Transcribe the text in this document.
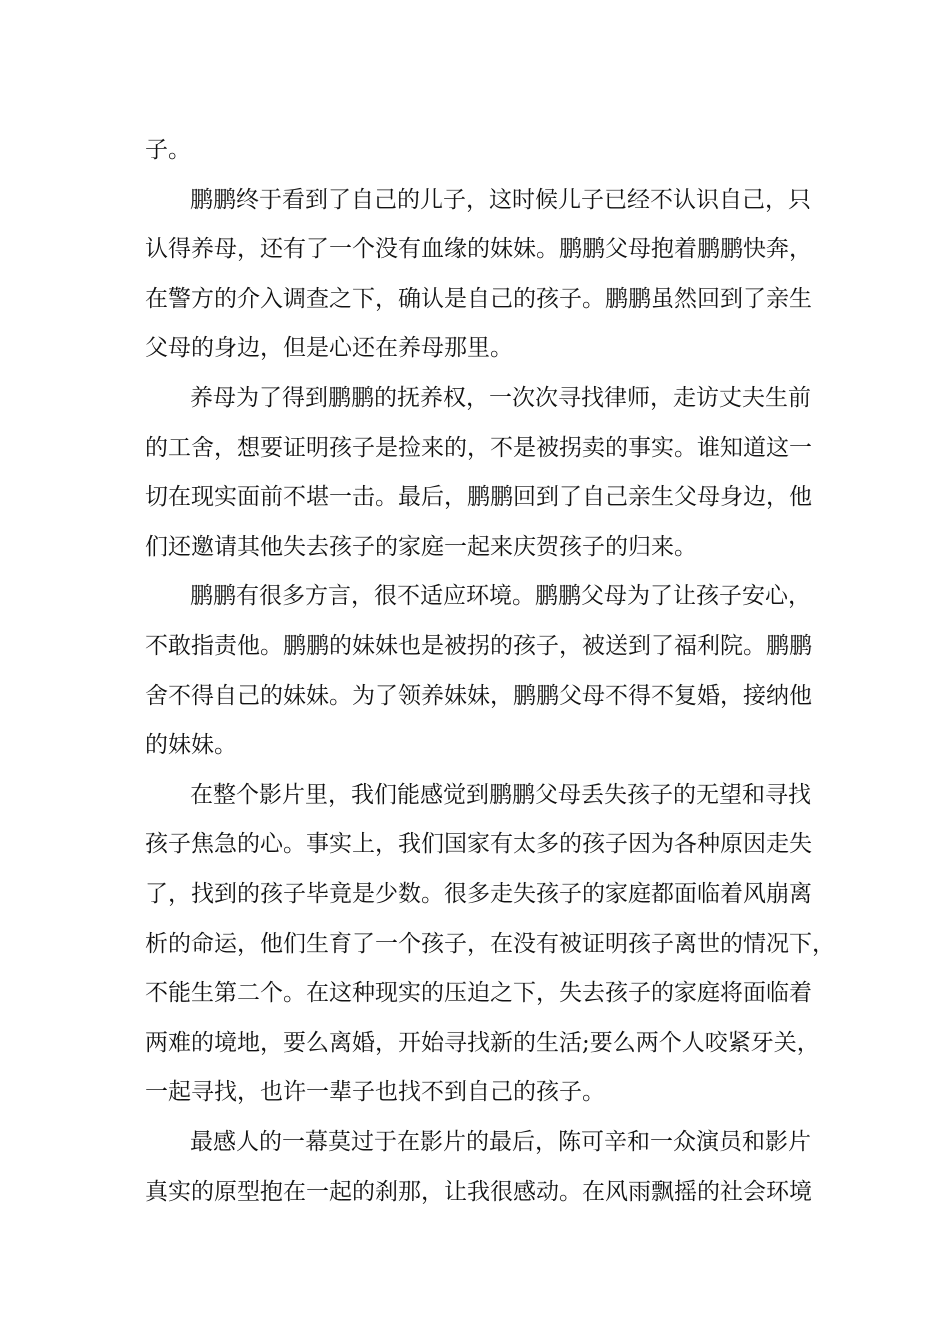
子。
鹏鹏终于看到了自己的儿子，这时候儿子已经不认识自己，只
认得养母，还有了一个没有血缘的妹妹。鹏鹏父母抱着鹏鹏快奔，
在警方的介入调查之下，确认是自己的孩子。鹏鹏虽然回到了亲生
父母的身边，但是心还在养母那里。
养母为了得到鹏鹏的抚养权，一次次寻找律师，走访丈夫生前
的工舍，想要证明孩子是捡来的，不是被拐卖的事实。谁知道这一
切在现实面前不堪一击。最后，鹏鹏回到了自己亲生父母身边，他
们还邀请其他失去孩子的家庭一起来庆贺孩子的归来。
鹏鹏有很多方言，很不适应环境。鹏鹏父母为了让孩子安心，
不敢指责他。鹏鹏的妹妹也是被拐的孩子，被送到了福利院。鹏鹏
舍不得自己的妹妹。为了领养妹妹，鹏鹏父母不得不复婚，接纳他
的妹妹。
在整个影片里，我们能感觉到鹏鹏父母丢失孩子的无望和寻找
孩子焦急的心。事实上，我们国家有太多的孩子因为各种原因走失
了，找到的孩子毕竟是少数。很多走失孩子的家庭都面临着风崩离
析的命运，他们生育了一个孩子，在没有被证明孩子离世的情况下，
不能生第二个。在这种现实的压迫之下，失去孩子的家庭将面临着
两难的境地，要么离婚，开始寻找新的生活;要么两个人咬紧牙关，
一起寻找，也许一辈子也找不到自己的孩子。
最感人的一幕莫过于在影片的最后，陈可辛和一众演员和影片
真实的原型抱在一起的刹那，让我很感动。在风雨飘摇的社会环境
